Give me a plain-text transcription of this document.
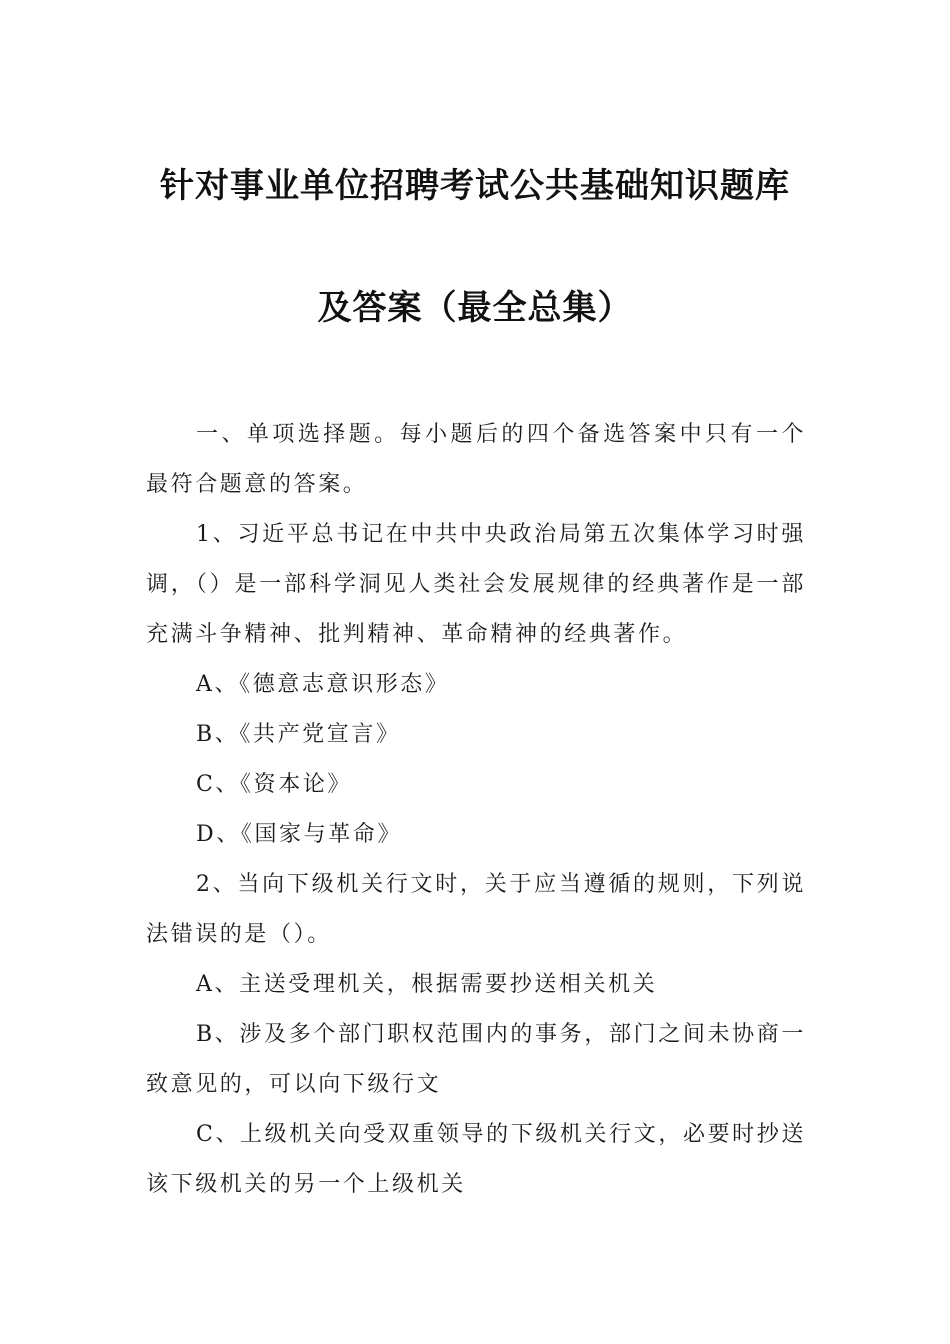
针对事业单位招聘考试公共基础知识题库
及答案（最全总集）

一、单项选择题。每小题后的四个备选答案中只有一个最符合题意的答案。

1、习近平总书记在中共中央政治局第五次集体学习时强调，（）是一部科学洞见人类社会发展规律的经典著作是一部充满斗争精神、批判精神、革命精神的经典著作。

A、《德意志意识形态》

B、《共产党宣言》

C、《资本论》

D、《国家与革命》

2、当向下级机关行文时，关于应当遵循的规则，下列说法错误的是（）。

A、主送受理机关，根据需要抄送相关机关

B、涉及多个部门职权范围内的事务，部门之间未协商一致意见的，可以向下级行文

C、上级机关向受双重领导的下级机关行文，必要时抄送该下级机关的另一个上级机关
